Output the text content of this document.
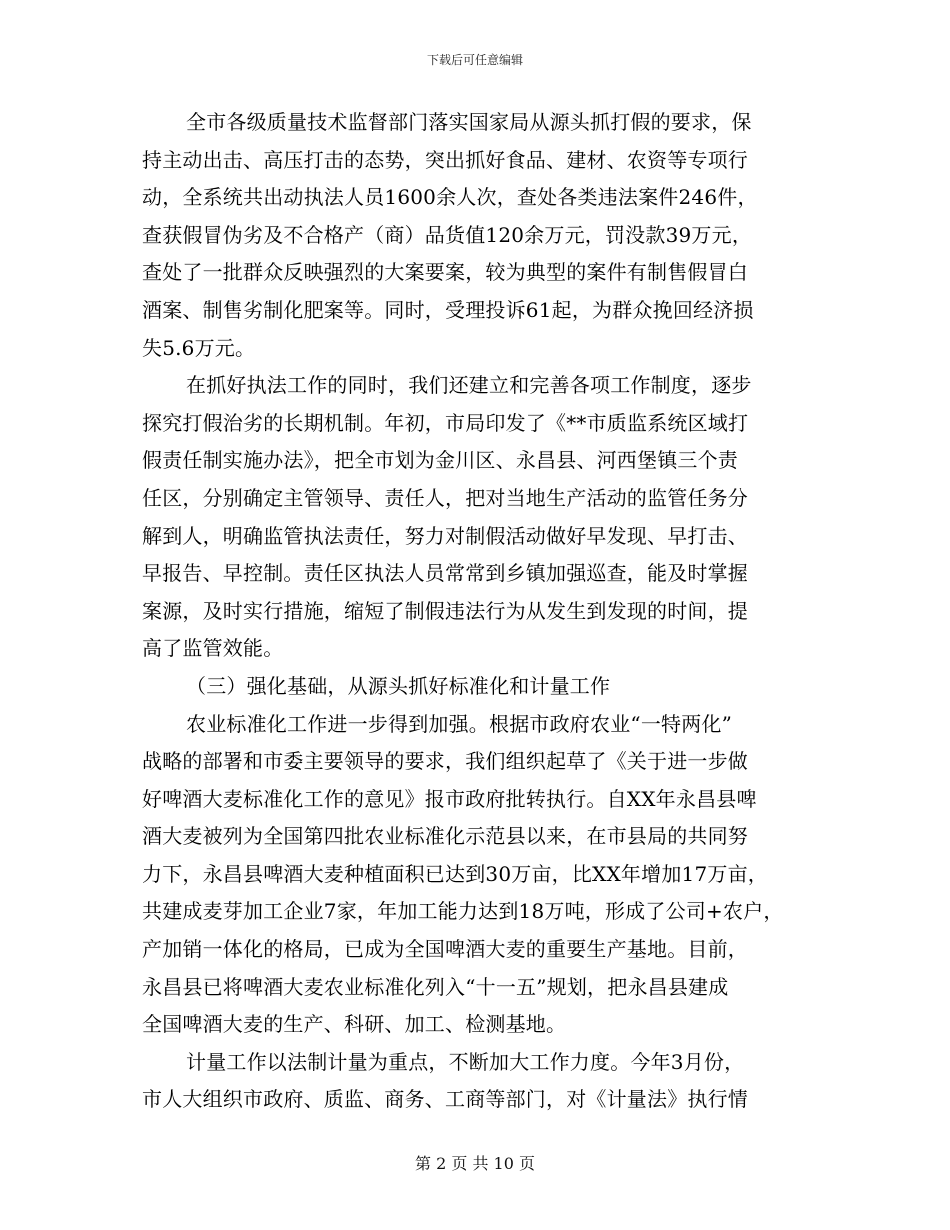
下载后可任意编辑
全市各级质量技术监督部门落实国家局从源头抓打假的要求，保
持主动出击、高压打击的态势，突出抓好食品、建材、农资等专项行
动，全系统共出动执法人员1600余人次，查处各类违法案件246件，
查获假冒伪劣及不合格产（商）品货值120余万元，罚没款39万元，
查处了一批群众反映强烈的大案要案，较为典型的案件有制售假冒白
酒案、制售劣制化肥案等。同时，受理投诉61起，为群众挽回经济损
失5.6万元。
在抓好执法工作的同时，我们还建立和完善各项工作制度，逐步
探究打假治劣的长期机制。年初，市局印发了《**市质监系统区域打
假责任制实施办法》，把全市划为金川区、永昌县、河西堡镇三个责
任区，分别确定主管领导、责任人，把对当地生产活动的监管任务分
解到人，明确监管执法责任，努力对制假活动做好早发现、早打击、
早报告、早控制。责任区执法人员常常到乡镇加强巡查，能及时掌握
案源，及时实行措施，缩短了制假违法行为从发生到发现的时间，提
高了监管效能。
（三）强化基础，从源头抓好标准化和计量工作
农业标准化工作进一步得到加强。根据市政府农业“一特两化”
战略的部署和市委主要领导的要求，我们组织起草了《关于进一步做
好啤酒大麦标准化工作的意见》报市政府批转执行。自XX年永昌县啤
酒大麦被列为全国第四批农业标准化示范县以来，在市县局的共同努
力下，永昌县啤酒大麦种植面积已达到30万亩，比XX年增加17万亩，
共建成麦芽加工企业7家，年加工能力达到18万吨，形成了公司+农户，
产加销一体化的格局，已成为全国啤酒大麦的重要生产基地。目前，
永昌县已将啤酒大麦农业标准化列入“十一五”规划，把永昌县建成
全国啤酒大麦的生产、科研、加工、检测基地。
计量工作以法制计量为重点，不断加大工作力度。今年3月份，
市人大组织市政府、质监、商务、工商等部门，对《计量法》执行情
第 2 页 共 10 页
